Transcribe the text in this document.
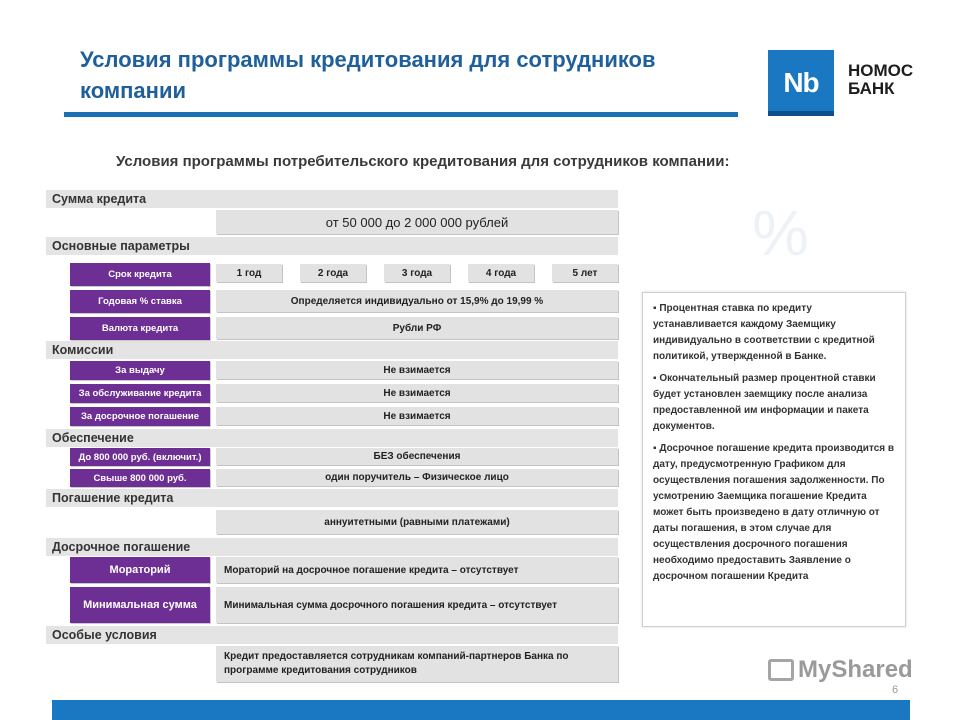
Условия программы кредитования для сотрудников компании	Nb НОМОС
БАНК
Условия программы потребительского кредитования для сотрудников компании:
Сумма кредита
от 50 000 до 2 000 000 рублей
Основные параметры
Срок кредита	1 год	2 года	3 года	4 года	5 лет
Годовая % ставка	Определяется индивидуально от 15,9% до 19,99 %
Валюта кредита	Рубли РФ
Комиссии
За выдачу	Не взимается
За обслуживание кредита	Не взимается
За досрочное погашение	Не взимается
Обеспечение
До 800 000 руб. (включит.)	БЕЗ обеспечения
Свыше 800 000 руб.	один поручитель – Физическое лицо
Погашение кредита
аннуитетными (равными платежами)
Досрочное погашение
Мораторий	Мораторий на досрочное погашение кредита – отсутствует
Минимальная сумма	Минимальная сумма досрочного погашения кредита – отсутствует
Особые условия
Кредит предоставляется сотрудникам компаний-партнеров Банка по программе кредитования сотрудников
%

▪ Процентная ставка по кредиту устанавливается каждому Заемщику индивидуально в соответствии с кредитной политикой, утвержденной в Банке.

▪ Окончательный размер процентной ставки будет установлен заемщику после анализа предоставленной им информации и пакета документов.

▪ Досрочное погашение кредита производится в дату, предусмотренную Графиком для осуществления погашения задолженности. По усмотрению Заемщика погашение Кредита может быть произведено в дату отличную от даты погашения, в этом случае для осуществления досрочного погашения необходимо предоставить Заявление о досрочном погашении Кредита

MyShared
6
